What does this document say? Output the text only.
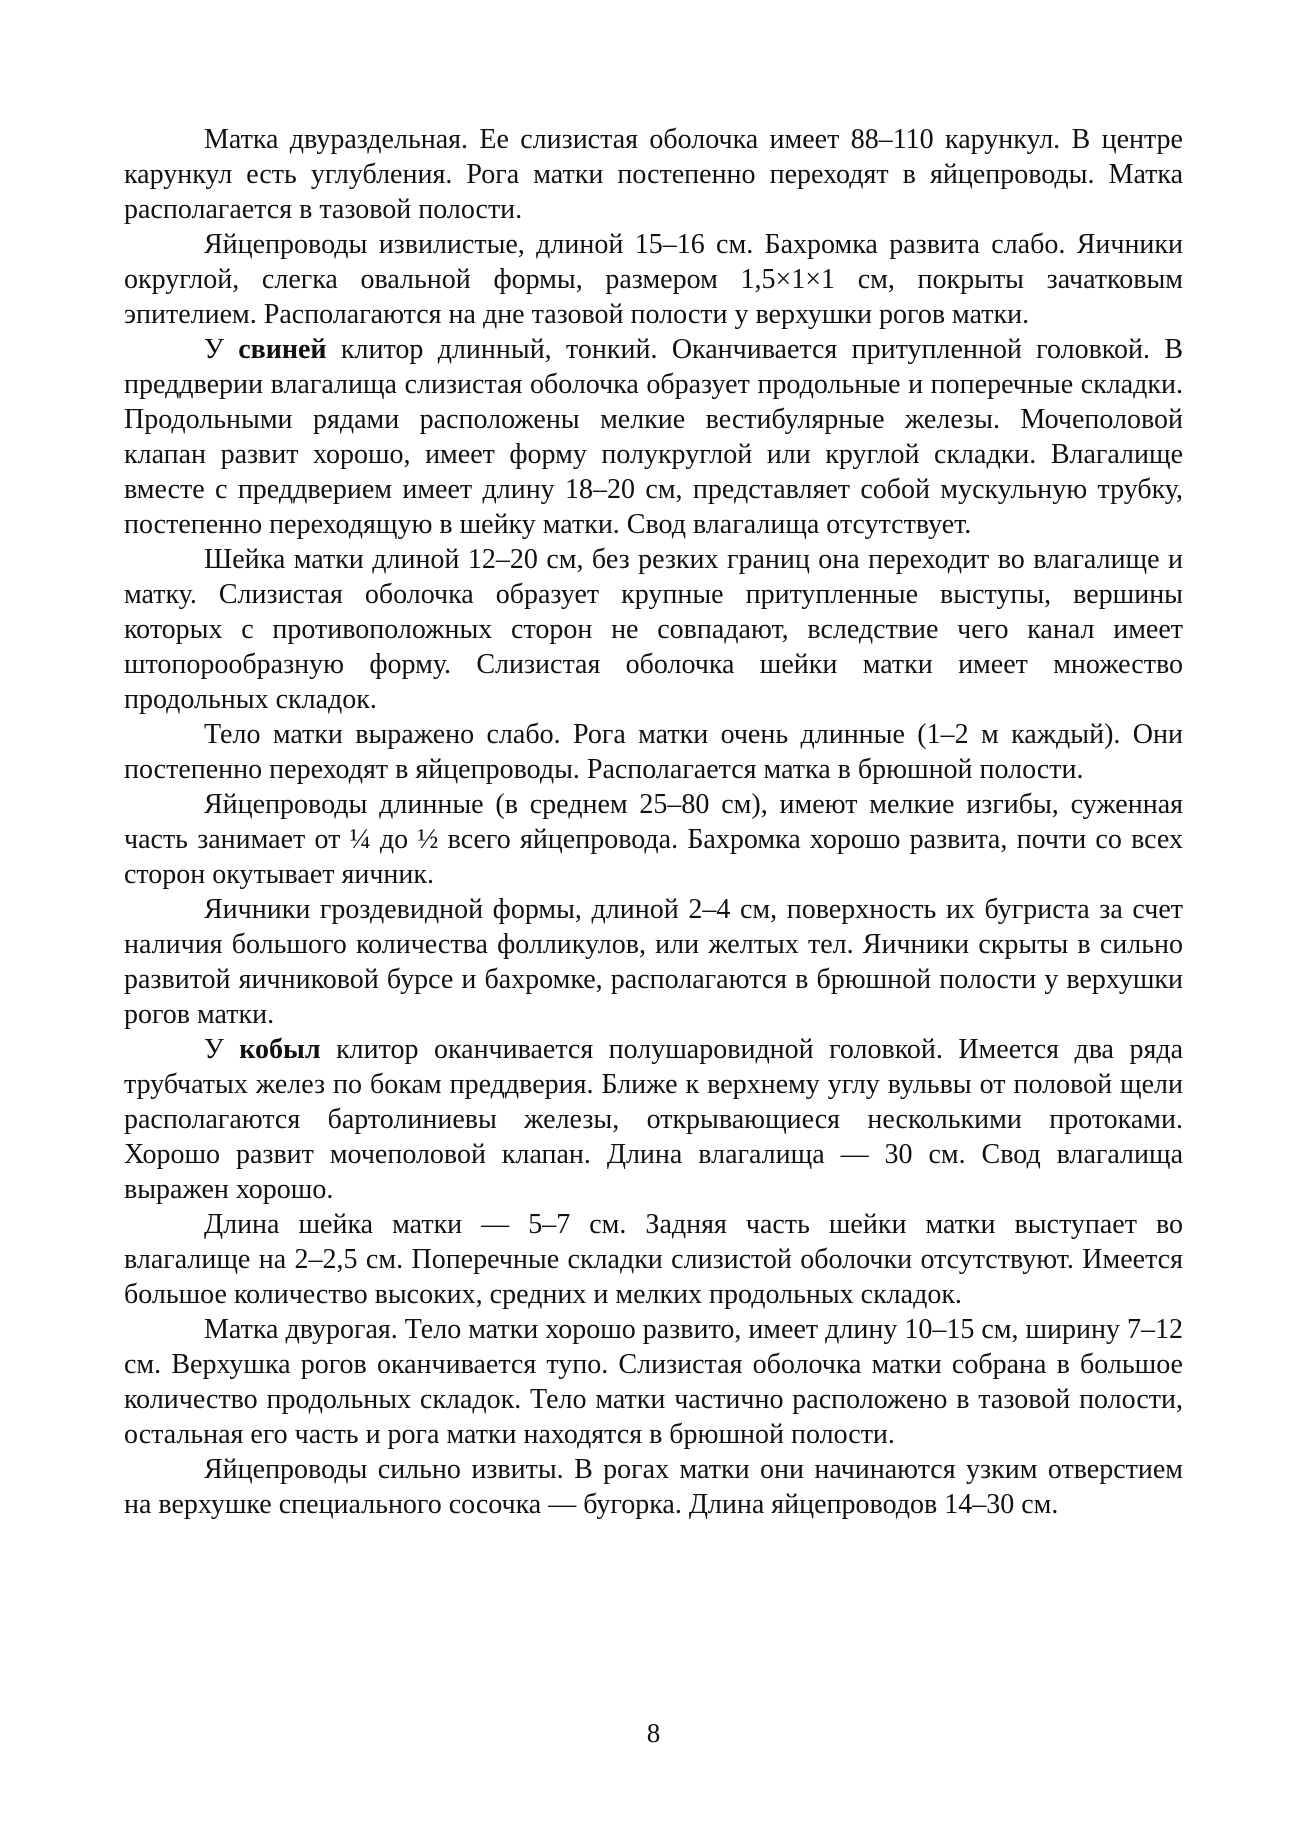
Матка двураздельная. Ее слизистая оболочка имеет 88–110 карункул. В центре карункул есть углубления. Рога матки постепенно переходят в яйцепроводы. Матка располагается в тазовой полости.

Яйцепроводы извилистые, длиной 15–16 см. Бахромка развита слабо. Яичники округлой, слегка овальной формы, размером 1,5×1×1 см, покрыты зачатковым эпителием. Располагаются на дне тазовой полости у верхушки рогов матки.

У свиней клитор длинный, тонкий. Оканчивается притупленной головкой. В преддверии влагалища слизистая оболочка образует продольные и поперечные складки. Продольными рядами расположены мелкие вестибулярные железы. Мочеполовой клапан развит хорошо, имеет форму полукруглой или круглой складки. Влагалище вместе с преддверием имеет длину 18–20 см, представляет собой мускульную трубку, постепенно переходящую в шейку матки. Свод влагалища отсутствует.

Шейка матки длиной 12–20 см, без резких границ она переходит во влагалище и матку. Слизистая оболочка образует крупные притупленные выступы, вершины которых с противоположных сторон не совпадают, вследствие чего канал имеет штопорообразную форму. Слизистая оболочка шейки матки имеет множество продольных складок.

Тело матки выражено слабо. Рога матки очень длинные (1–2 м каждый). Они постепенно переходят в яйцепроводы. Располагается матка в брюшной полости.

Яйцепроводы длинные (в среднем 25–80 см), имеют мелкие изгибы, суженная часть занимает от ¼ до ½ всего яйцепровода. Бахромка хорошо развита, почти со всех сторон окутывает яичник.

Яичники гроздевидной формы, длиной 2–4 см, поверхность их бугриста за счет наличия большого количества фолликулов, или желтых тел. Яичники скрыты в сильно развитой яичниковой бурсе и бахромке, располагаются в брюшной полости у верхушки рогов матки.

У кобыл клитор оканчивается полушаровидной головкой. Имеется два ряда трубчатых желез по бокам преддверия. Ближе к верхнему углу вульвы от половой щели располагаются бартолиниевы железы, открывающиеся несколькими протоками. Хорошо развит мочеполовой клапан. Длина влагалища — 30 см. Свод влагалища выражен хорошо.

Длина шейка матки — 5–7 см. Задняя часть шейки матки выступает во влагалище на 2–2,5 см. Поперечные складки слизистой оболочки отсутствуют. Имеется большое количество высоких, средних и мелких продольных складок.

Матка двурогая. Тело матки хорошо развито, имеет длину 10–15 см, ширину 7–12 см. Верхушка рогов оканчивается тупо. Слизистая оболочка матки собрана в большое количество продольных складок. Тело матки частично расположено в тазовой полости, остальная его часть и рога матки находятся в брюшной полости.

Яйцепроводы сильно извиты. В рогах матки они начинаются узким отверстием на верхушке специального сосочка — бугорка. Длина яйцепроводов 14–30 см.

8
